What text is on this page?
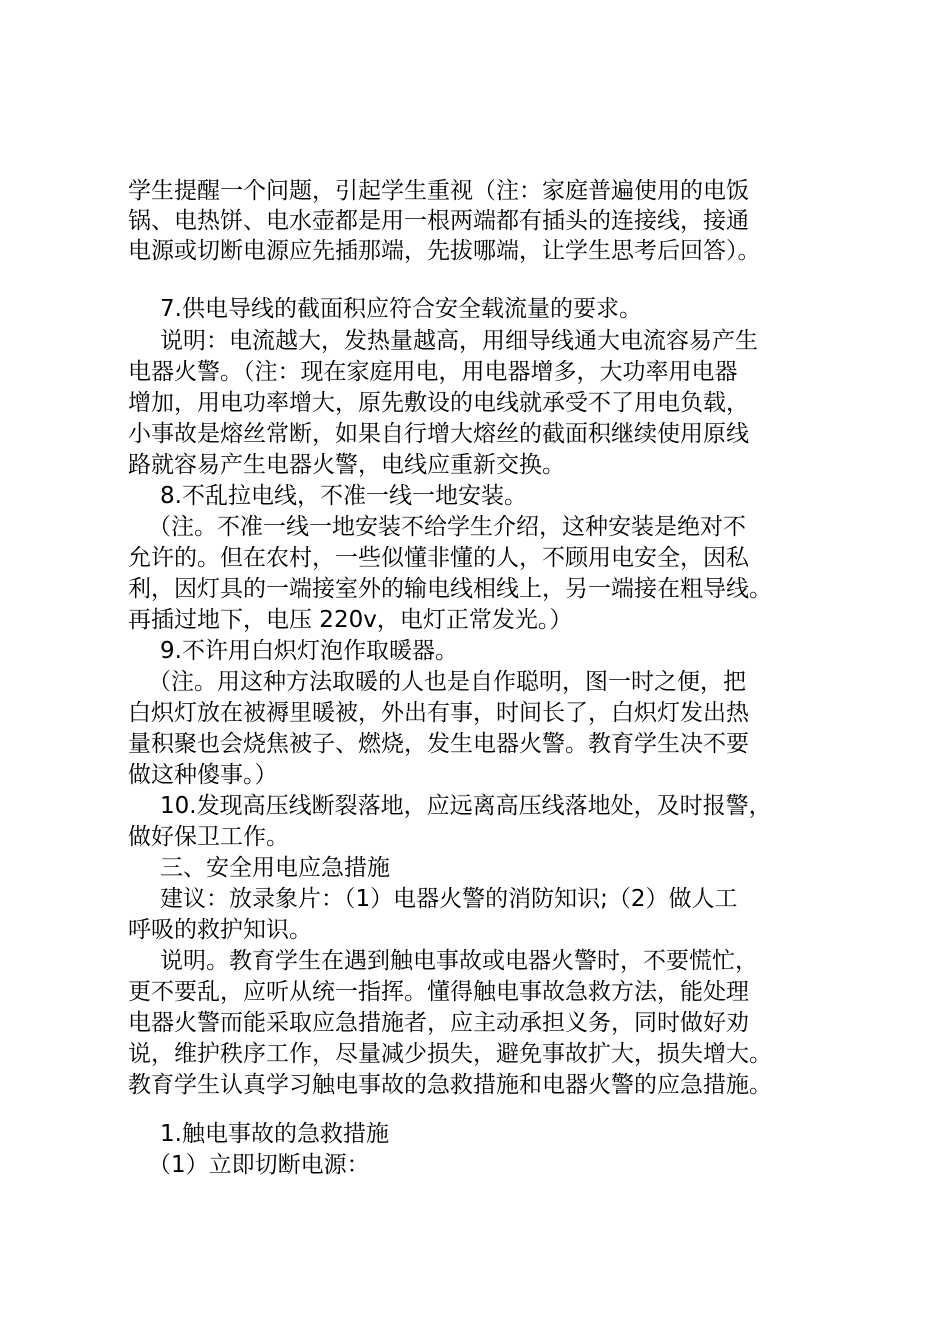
学生提醒一个问题，引起学生重视（注：家庭普遍使用的电饭
锅、电热饼、电水壶都是用一根两端都有插头的连接线，接通
电源或切断电源应先插那端，先拔哪端，让学生思考后回答）。
7.供电导线的截面积应符合安全载流量的要求。
说明：电流越大，发热量越高，用细导线通大电流容易产生
电器火警。（注：现在家庭用电，用电器增多，大功率用电器
增加，用电功率增大，原先敷设的电线就承受不了用电负载，
小事故是熔丝常断，如果自行增大熔丝的截面积继续使用原线
路就容易产生电器火警，电线应重新交换。
8.不乱拉电线，不准一线一地安装。
（注。不准一线一地安装不给学生介绍，这种安装是绝对不
允许的。但在农村，一些似懂非懂的人，不顾用电安全，因私
利，因灯具的一端接室外的输电线相线上，另一端接在粗导线。
再插过地下，电压 220v，电灯正常发光。）
9.不许用白炽灯泡作取暖器。
（注。用这种方法取暖的人也是自作聪明，图一时之便，把
白炽灯放在被褥里暖被，外出有事，时间长了，白炽灯发出热
量积聚也会烧焦被子、燃烧，发生电器火警。教育学生决不要
做这种傻事。）
10.发现高压线断裂落地，应远离高压线落地处，及时报警，
做好保卫工作。
三、安全用电应急措施
建议：放录象片：（1）电器火警的消防知识;（2）做人工
呼吸的救护知识。
说明。教育学生在遇到触电事故或电器火警时，不要慌忙，
更不要乱，应听从统一指挥。懂得触电事故急救方法，能处理
电器火警而能采取应急措施者，应主动承担义务，同时做好劝
说，维护秩序工作，尽量减少损失，避免事故扩大，损失增大。
教育学生认真学习触电事故的急救措施和电器火警的应急措施。
1.触电事故的急救措施
（1）立即切断电源：
